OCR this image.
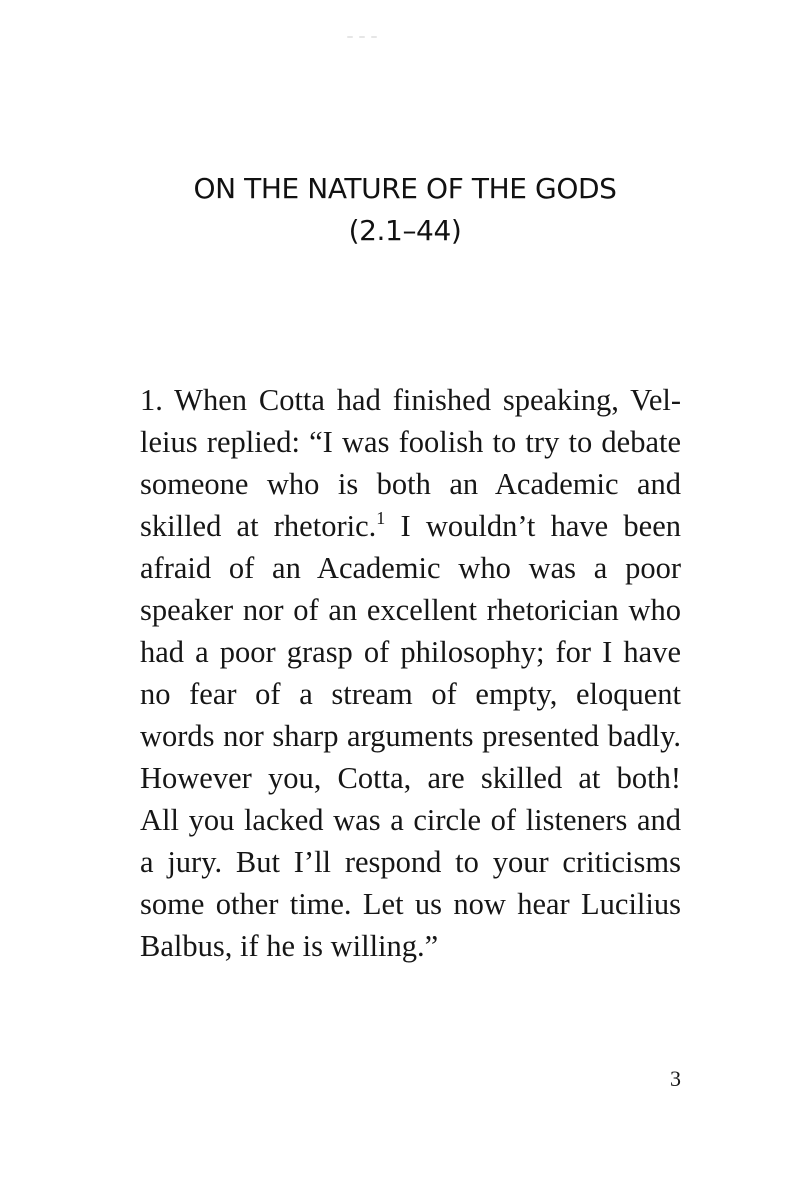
ON THE NATURE OF THE GODS
(2.1–44)
1. When Cotta had finished speaking, Vel-
leius replied: “I was foolish to try to debate
someone who is both an Academic and
skilled at rhetoric.$^1$ I wouldn’t have been
afraid of an Academic who was a poor
speaker nor of an excellent rhetorician who
had a poor grasp of philosophy; for I have
no fear of a stream of empty, eloquent
words nor sharp arguments presented badly.
However you, Cotta, are skilled at both!
All you lacked was a circle of listeners and
a jury. But I’ll respond to your criticisms
some other time. Let us now hear Lucilius
Balbus, if he is willing.”
3
